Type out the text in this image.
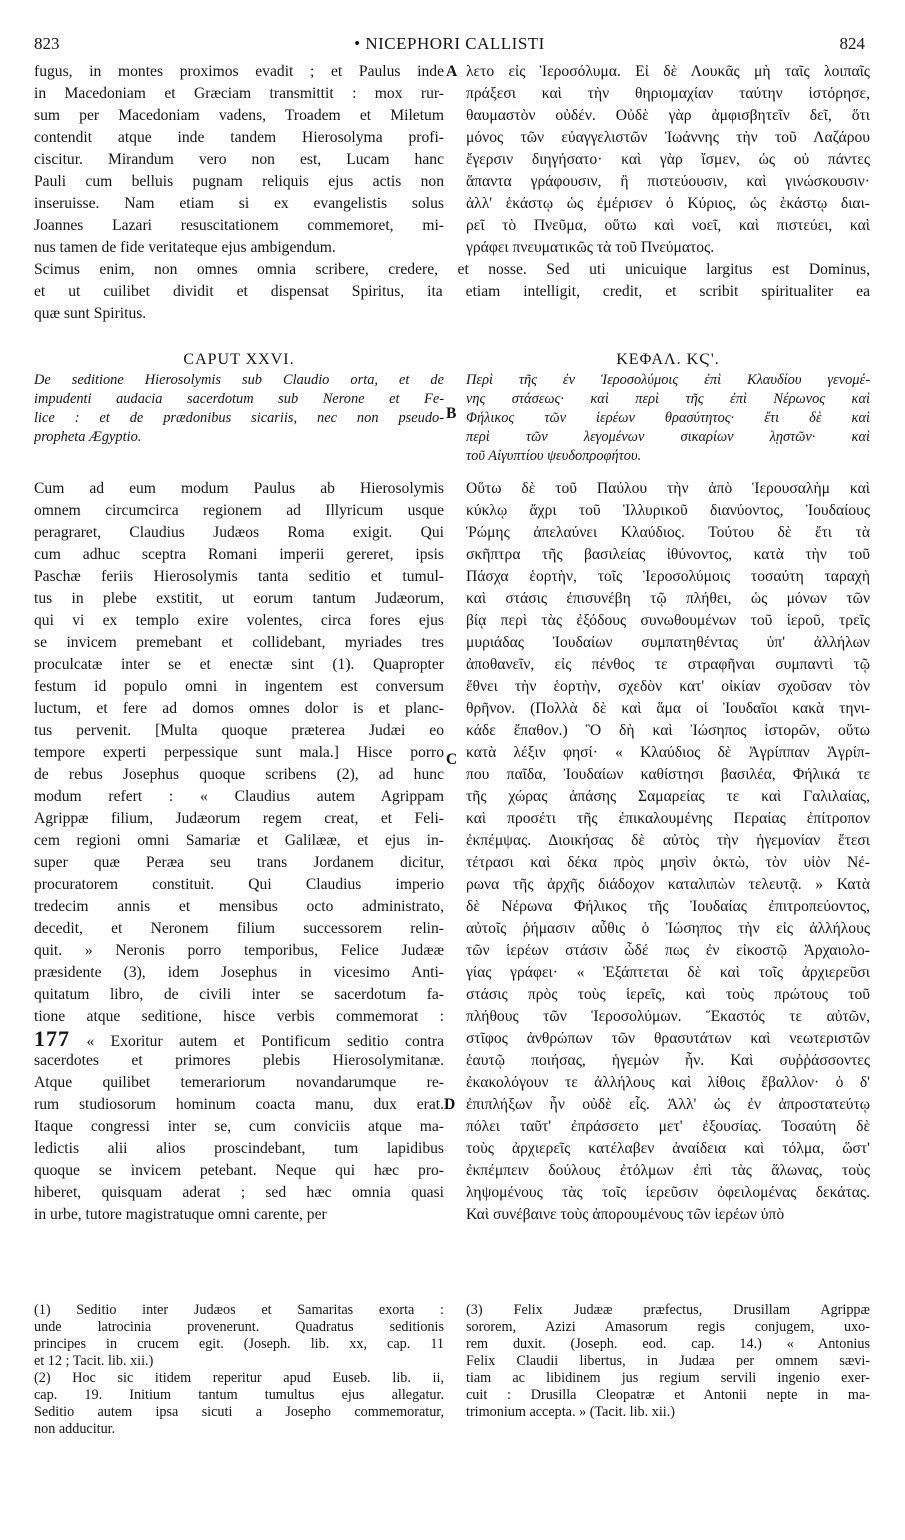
823	• NICEPHORI CALLISTI	824
A
B
C
D
fugus, in montes proximos evadit ; et Paulus inde
in Macedoniam et Græciam transmittit : mox rur-
sum per Macedoniam vadens, Troadem et Miletum
contendit atque inde tandem Hierosolyma profi-
ciscitur. Mirandum vero non est, Lucam hanc
Pauli cum belluis pugnam reliquis ejus actis non
inseruisse. Nam etiam si ex evangelistis solus
Joannes Lazari resuscitationem commemoret, mi-
nus tamen de fide veritateque ejus ambigendum.
λετο εἰς Ἱεροσόλυμα. Εἰ δὲ Λουκᾶς μὴ ταῖς λοιπαῖς
πράξεσι καὶ τὴν θηριομαχίαν ταύτην ἱστόρησε,
θαυμαστὸν οὐδέν. Οὐδὲ γὰρ ἀμφισβητεῖν δεῖ, ὅτι
μόνος τῶν εὐαγγελιστῶν Ἰωάννης τὴν τοῦ Λαζάρου
ἔγερσιν διηγήσατο· καὶ γὰρ ἴσμεν, ὡς οὐ πάντες
ἅπαντα γράφουσιν, ἢ πιστεύουσιν, καὶ γινώσκουσιν·
ἀλλ' ἑκάστῳ ὡς ἐμέρισεν ὁ Κύριος, ὡς ἑκάστῳ διαι-
ρεῖ τὸ Πνεῦμα, οὕτω καὶ νοεῖ, καὶ πιστεύει, καὶ
γράφει πνευματικῶς τὰ τοῦ Πνεύματος.
Scimus enim, non omnes omnia scribere, credere, et nosse. Sed uti unicuique largitus est Dominus,
et ut cuilibet dividit et dispensat Spiritus, ita etiam intelligit, credit, et scribit spiritualiter ea
quæ sunt Spiritus.
CAPUT XXVI.
De seditione Hierosolymis sub Claudio orta, et de
impudenti audacia sacerdotum sub Nerone et Fe-
lice : et de prædonibus sicariis, nec non pseudo-
propheta Ægyptio.
ΚΕΦΑΛ. ΚϚ'.
Περὶ τῆς ἐν Ἱεροσολύμοις ἐπὶ Κλαυδίου γενομέ-
νης στάσεως· καὶ περὶ τῆς ἐπὶ Νέρωνος καὶ
Φήλικος τῶν ἱερέων θρασύτητος· ἔτι δὲ καὶ
περὶ τῶν λεγομένων σικαρίων λῃστῶν· καὶ
τοῦ Αἰγυπτίου ψευδοπροφήτου.
Cum ad eum modum Paulus ab Hierosolymis
omnem circumcirca regionem ad Illyricum usque
peragraret, Claudius Judæos Roma exigit. Qui
cum adhuc sceptra Romani imperii gereret, ipsis
Paschæ feriis Hierosolymis tanta seditio et tumul-
tus in plebe exstitit, ut eorum tantum Judæorum,
qui vi ex templo exire volentes, circa fores ejus
se invicem premebant et collidebant, myriades tres
proculcatæ inter se et enectæ sint (1). Quapropter
festum id populo omni in ingentem est conversum
luctum, et fere ad domos omnes dolor is et planc-
tus pervenit. [Multa quoque præterea Judæi eo
tempore experti perpessique sunt mala.] Hisce porro
de rebus Josephus quoque scribens (2), ad hunc
modum refert : « Claudius autem Agrippam
Agrippæ filium, Judæorum regem creat, et Feli-
cem regioni omni Samariæ et Galilææ, et ejus in-
super quæ Peræa seu trans Jordanem dicitur,
procuratorem constituit. Qui Claudius imperio
tredecim annis et mensibus octo administrato,
decedit, et Neronem filium successorem relin-
quit. » Neronis porro temporibus, Felice Judææ
præsidente (3), idem Josephus in vicesimo Anti-
quitatum libro, de civili inter se sacerdotum fa-
tione atque seditione, hisce verbis commemorat :
177 « Exoritur autem et Pontificum seditio contra
sacerdotes et primores plebis Hierosolymitanæ.
Atque quilibet temerariorum novandarumque re-
rum studiosorum hominum coacta manu, dux erat.
Itaque congressi inter se, cum conviciis atque ma-
ledictis alii alios proscindebant, tum lapidibus
quoque se invicem petebant. Neque qui hæc pro-
hiberet, quisquam aderat ; sed hæc omnia quasi
in urbe, tutore magistratuque omni carente, per
Οὕτω δὲ τοῦ Παύλου τὴν ἀπὸ Ἱερουσαλὴμ καὶ
κύκλῳ ἄχρι τοῦ Ἰλλυρικοῦ διανύοντος, Ἰουδαίους
Ῥώμης ἀπελαύνει Κλαύδιος. Τούτου δὲ ἔτι τὰ
σκῆπτρα τῆς βασιλείας ἰθύνοντος, κατὰ τὴν τοῦ
Πάσχα ἑορτὴν, τοῖς Ἱεροσολύμοις τοσαύτη ταραχὴ
καὶ στάσις ἐπισυνέβη τῷ πλήθει, ὡς μόνων τῶν
βίᾳ περὶ τὰς ἐξόδους συνωθουμένων τοῦ ἱεροῦ, τρεῖς
μυριάδας Ἰουδαίων συμπατηθέντας ὑπ' ἀλλήλων
ἀποθανεῖν, εἰς πένθος τε στραφῆναι συμπαντὶ τῷ
ἔθνει τὴν ἑορτὴν, σχεδὸν κατ' οἰκίαν σχοῦσαν τὸν
θρῆνον. (Πολλὰ δὲ καὶ ἅμα οἱ Ἰουδαῖοι κακὰ τηνι-
κάδε ἔπαθον.) Ὃ δὴ καὶ Ἰώσηπος ἱστορῶν, οὕτω
κατὰ λέξιν φησί· « Κλαύδιος δὲ Ἀγρίππαν Ἀγρίπ-
που παῖδα, Ἰουδαίων καθίστησι βασιλέα, Φήλικά τε
τῆς χώρας ἁπάσης Σαμαρείας τε καὶ Γαλιλαίας,
καὶ προσέτι τῆς ἐπικαλουμένης Περαίας ἐπίτροπον
ἐκπέμψας. Διοικήσας δὲ αὐτὸς τὴν ἡγεμονίαν ἔτεσι
τέτρασι καὶ δέκα πρὸς μησὶν ὀκτὼ, τὸν υἱὸν Νέ-
ρωνα τῆς ἀρχῆς διάδοχον καταλιπὼν τελευτᾷ. » Κατὰ
δὲ Νέρωνα Φήλικος τῆς Ἰουδαίας ἐπιτροπεύοντος,
αὐτοῖς ῥήμασιν αὖθις ὁ Ἰώσηπος τὴν εἰς ἀλλήλους
τῶν ἱερέων στάσιν ὧδέ πως ἐν εἰκοστῷ Ἀρχαιολο-
γίας γράφει· « Ἐξάπτεται δὲ καὶ τοῖς ἀρχιερεῦσι
στάσις πρὸς τοὺς ἱερεῖς, καὶ τοὺς πρώτους τοῦ
πλήθους τῶν Ἱεροσολύμων. Ἕκαστός τε αὐτῶν,
στῖφος ἀνθρώπων τῶν θρασυτάτων καὶ νεωτεριστῶν
ἑαυτῷ ποιήσας, ἡγεμὼν ἦν. Καὶ συῤῥάσσοντες
ἐκακολόγουν τε ἀλλήλους καὶ λίθοις ἔβαλλον· ὁ δ'
ἐπιπλήξων ἦν οὐδὲ εἷς. Ἀλλ' ὡς ἐν ἀπροστατεύτῳ
πόλει ταῦτ' ἐπράσσετο μετ' ἐξουσίας. Τοσαύτη δὲ
τοὺς ἀρχιερεῖς κατέλαβεν ἀναίδεια καὶ τόλμα, ὥστ'
ἐκπέμπειν δούλους ἐτόλμων ἐπὶ τὰς ἅλωνας, τοὺς
ληψομένους τὰς τοῖς ἱερεῦσιν ὀφειλομένας δεκάτας.
Καὶ συνέβαινε τοὺς ἀπορουμένους τῶν ἱερέων ὑπὸ
(1) Seditio inter Judæos et Samaritas exorta :
unde latrocinia provenerunt. Quadratus seditionis
principes in crucem egit. (Joseph. lib. xx, cap. 11
et 12 ; Tacit. lib. xii.)
(2) Hoc sic itidem reperitur apud Euseb. lib. ii,
cap. 19. Initium tantum tumultus ejus allegatur.
Seditio autem ipsa sicuti a Josepho commemoratur,
non adducitur.
(3) Felix Judææ præfectus, Drusillam Agrippæ
sororem, Azizi Amasorum regis conjugem, uxo-
rem duxit. (Joseph. eod. cap. 14.) « Antonius
Felix Claudii libertus, in Judæa per omnem sævi-
tiam ac libidinem jus regium servili ingenio exer-
cuit : Drusilla Cleopatræ et Antonii nepte in ma-
trimonium accepta. » (Tacit. lib. xii.)
